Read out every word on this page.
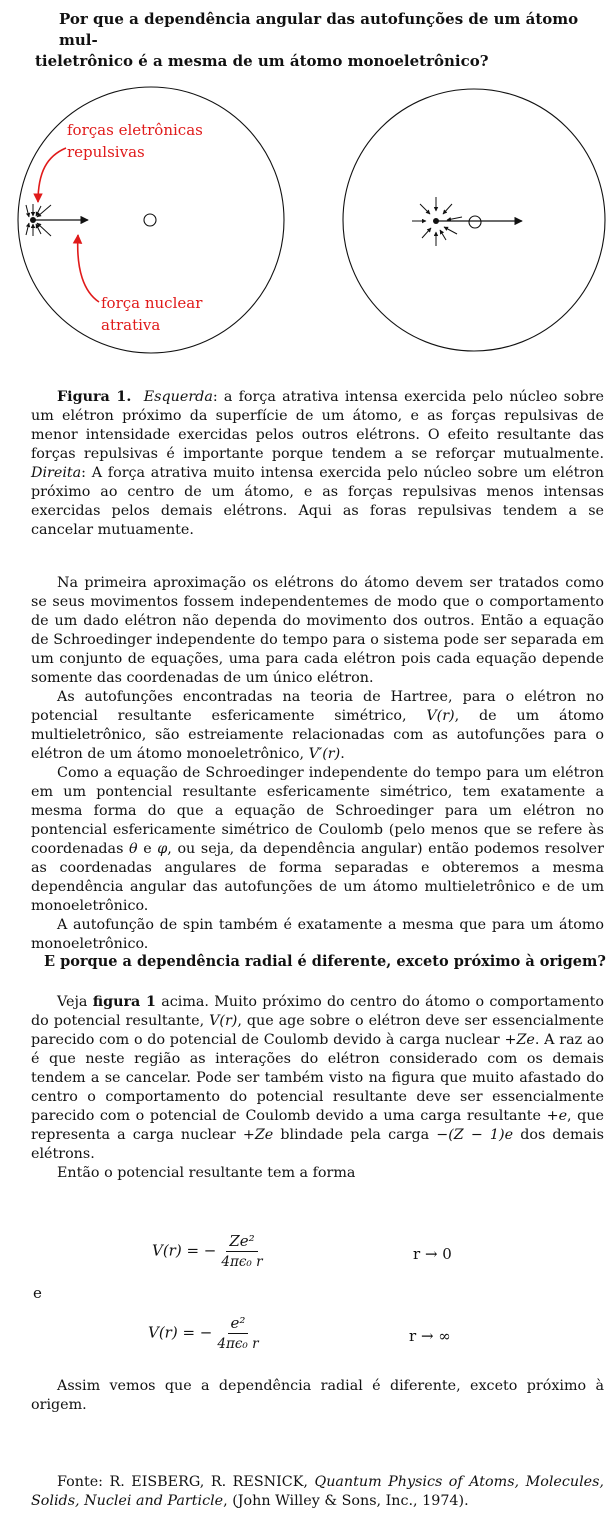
Por que a dependência angular das autofunções de um átomo mul-
tieletrônico é a mesma de um átomo monoeletrônico?
forças eletrônicas
repulsivas
força nuclear
atrativa
Figura 1. Esquerda: a força atrativa intensa exercida pelo núcleo sobre um elétron próximo da superfície de um átomo, e as forças repulsivas de menor intensidade exercidas pelos outros elétrons. O efeito resultante das forças repulsivas é importante porque tendem a se reforçar mutualmente. Direita: A força atrativa muito intensa exercida pelo núcleo sobre um elétron próximo ao centro de um átomo, e as forças repulsivas menos intensas exercidas pelos demais elétrons. Aqui as foras repulsivas tendem a se cancelar mutuamente.

Na primeira aproximação os elétrons do átomo devem ser tratados como se seus movimentos fossem independentemes de modo que o comportamento de um dado elétron não dependa do movimento dos outros. Então a equação de Schroedinger independente do tempo para o sistema pode ser separada em um conjunto de equações, uma para cada elétron pois cada equação depende somente das coordenadas de um único elétron.

As autofunções encontradas na teoria de Hartree, para o elétron no potencial resultante esfericamente simétrico, V(r), de um átomo multieletrônico, são estreiamente relacionadas com as autofunções para o elétron de um átomo monoeletrônico, V′(r).

Como a equação de Schroedinger independente do tempo para um elétron em um pontencial resultante esfericamente simétrico, tem exatamente a mesma forma do que a equação de Schroedinger para um elétron no pontencial esfericamente simétrico de Coulomb (pelo menos que se refere às coordenadas θ e φ, ou seja, da dependência angular) então podemos resolver as coordenadas angulares de forma separadas e obteremos a mesma dependência angular das autofunções de um átomo multieletrônico e de um monoeletrônico.

A autofunção de spin também é exatamente a mesma que para um átomo monoeletrônico.

E porque a dependência radial é diferente, exceto próximo à origem?

Veja figura 1 acima. Muito próximo do centro do átomo o comportamento do potencial resultante, V(r), que age sobre o elétron deve ser essencialmente parecido com o do potencial de Coulomb devido à carga nuclear +Ze. A raz ao é que neste região as interações do elétron considerado com os demais tendem a se cancelar. Pode ser também visto na figura que muito afastado do centro o comportamento do potencial resultante deve ser essencialmente parecido com o potencial de Coulomb devido a uma carga resultante +e, que representa a carga nuclear +Ze blindade pela carga −(Z − 1)e dos demais elétrons.

Então o potencial resultante tem a forma

V(r) = − $\frac{\text{Ze²}}{\text{4πϵ₀ r}}$	r → 0
e
V(r) = − $\frac{\text{e²}}{\text{4πϵ₀ r}}$	r → ∞
Assim vemos que a dependência radial é diferente, exceto próximo à origem.
Fonte: R. EISBERG, R. RESNICK, Quantum Physics of Atoms, Molecules, Solids, Nuclei and Particle, (John Willey & Sons, Inc., 1974).
